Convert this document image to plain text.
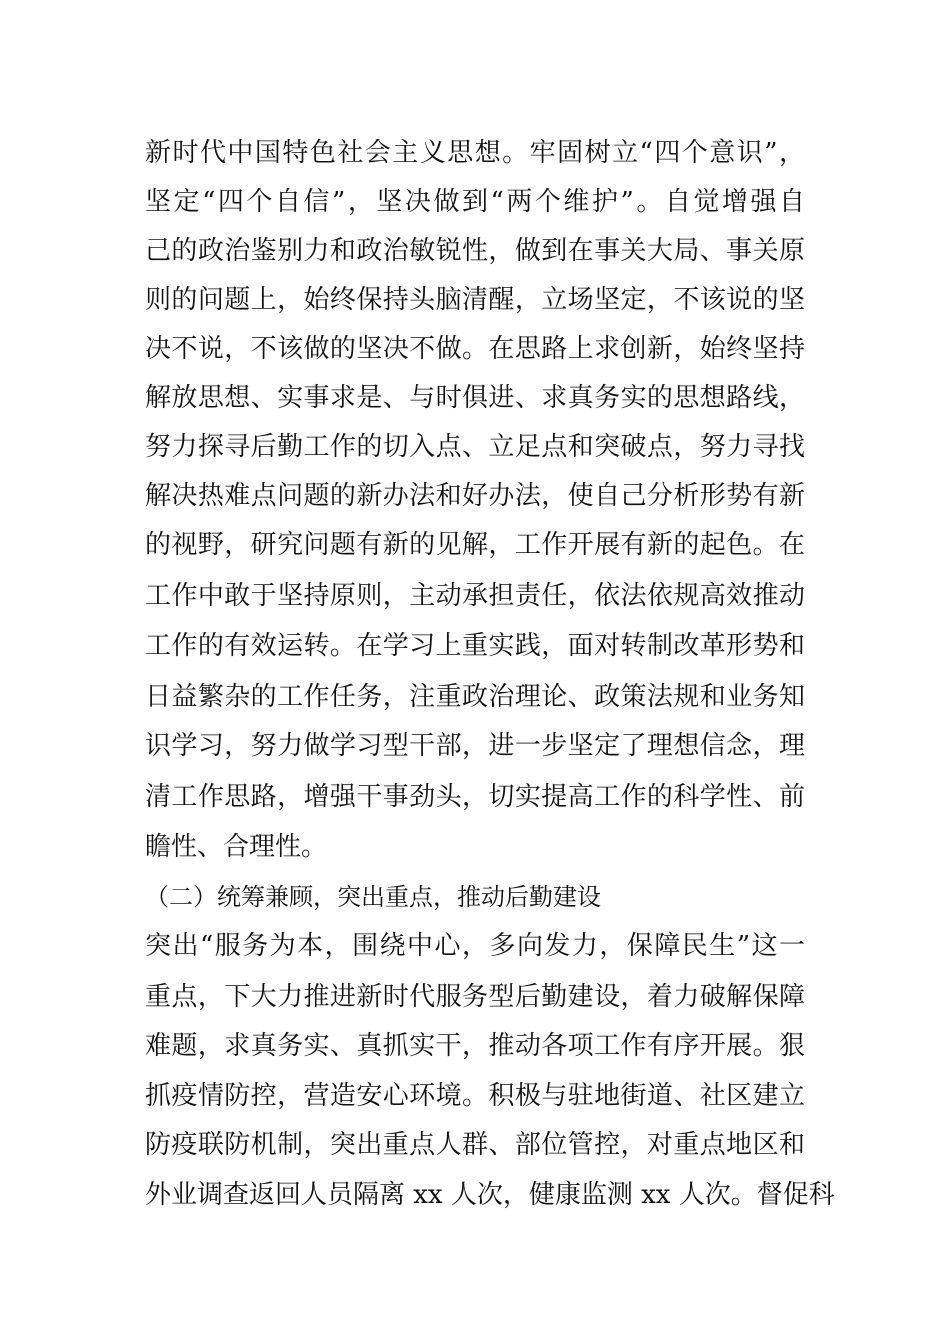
新时代中国特色社会主义思想。牢固树立“四个意识”，
坚定“四个自信”，坚决做到“两个维护”。自觉增强自
己的政治鉴别力和政治敏锐性，做到在事关大局、事关原
则的问题上，始终保持头脑清醒，立场坚定，不该说的坚
决不说，不该做的坚决不做。在思路上求创新，始终坚持
解放思想、实事求是、与时俱进、求真务实的思想路线，
努力探寻后勤工作的切入点、立足点和突破点，努力寻找
解决热难点问题的新办法和好办法，使自己分析形势有新
的视野，研究问题有新的见解，工作开展有新的起色。在
工作中敢于坚持原则，主动承担责任，依法依规高效推动
工作的有效运转。在学习上重实践，面对转制改革形势和
日益繁杂的工作任务，注重政治理论、政策法规和业务知
识学习，努力做学习型干部，进一步坚定了理想信念，理
清工作思路，增强干事劲头，切实提高工作的科学性、前
瞻性、合理性。
（二）统筹兼顾，突出重点，推动后勤建设
突出“服务为本，围绕中心，多向发力，保障民生”这一
重点，下大力推进新时代服务型后勤建设，着力破解保障
难题，求真务实、真抓实干，推动各项工作有序开展。狠
抓疫情防控，营造安心环境。积极与驻地街道、社区建立
防疫联防机制，突出重点人群、部位管控，对重点地区和
外业调查返回人员隔离 xx 人次，健康监测 xx 人次。督促科
